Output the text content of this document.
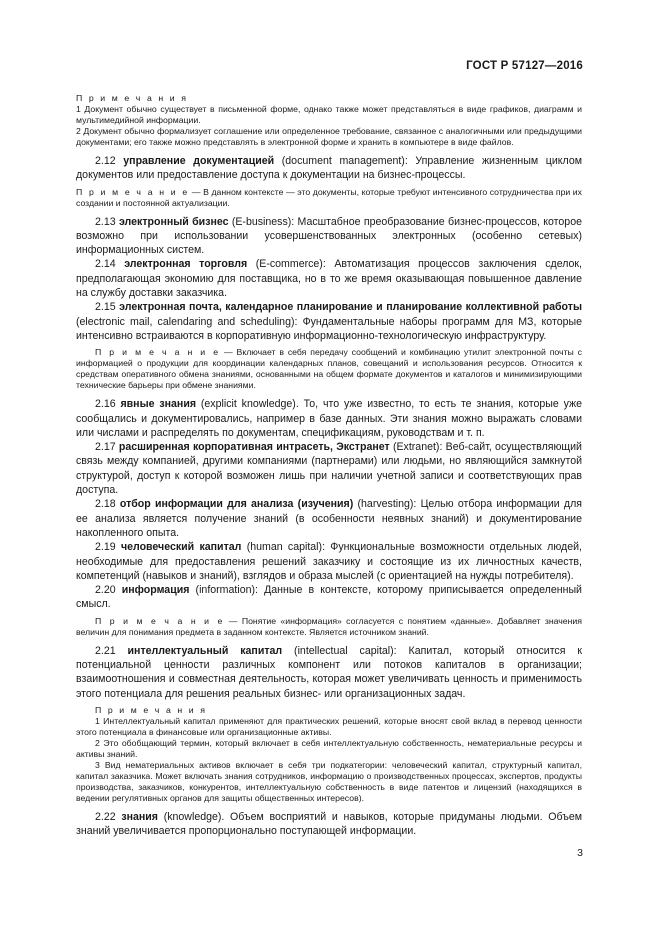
ГОСТ Р 57127—2016

П р и м е ч а н и я

1 Документ обычно существует в письменной форме, однако также может представляться в виде графиков, диаграмм и мультимедийной информации.

2 Документ обычно формализует соглашение или определенное требование, связанное с аналогичными или предыдущими документами; его также можно представлять в электронной форме и хранить в компьютере в виде файлов.

2.12 управление документацией (document management): Управление жизненным циклом документов или предоставление доступа к документации на бизнес-процессы.

П р и м е ч а н и е — В данном контексте — это документы, которые требуют интенсивного сотрудничества при их создании и постоянной актуализации.

2.13 электронный бизнес (E-business): Масштабное преобразование бизнес-процессов, которое возможно при использовании усовершенствованных электронных (особенно сетевых) информационных систем.

2.14 электронная торговля (E-commerce): Автоматизация процессов заключения сделок, предполагающая экономию для поставщика, но в то же время оказывающая повышенное давление на службу доставки заказчика.

2.15 электронная почта, календарное планирование и планирование коллективной работы (electronic mail, calendaring and scheduling): Фундаментальные наборы программ для МЗ, которые интенсивно встраиваются в корпоративную информационно-технологическую инфраструктуру.

П р и м е ч а н и е — Включает в себя передачу сообщений и комбинацию утилит электронной почты с информацией о продукции для координации календарных планов, совещаний и использования ресурсов. Относится к средствам оперативного обмена знаниями, основанными на общем формате документов и каталогов и минимизирующими технические барьеры при обмене знаниями.

2.16 явные знания (explicit knowledge). То, что уже известно, то есть те знания, которые уже сообщались и документировались, например в базе данных. Эти знания можно выражать словами или числами и распределять по документам, спецификациям, руководствам и т. п.

2.17 расширенная корпоративная интрасеть, Экстранет (Extranet): Веб-сайт, осуществляющий связь между компанией, другими компаниями (партнерами) или людьми, но являющийся замкнутой структурой, доступ к которой возможен лишь при наличии учетной записи и соответствующих прав доступа.

2.18 отбор информации для анализа (изучения) (harvesting): Целью отбора информации для ее анализа является получение знаний (в особенности неявных знаний) и документирование накопленного опыта.

2.19 человеческий капитал (human capital): Функциональные возможности отдельных людей, необходимые для предоставления решений заказчику и состоящие из их личностных качеств, компетенций (навыков и знаний), взглядов и образа мыслей (с ориентацией на нужды потребителя).

2.20 информация (information): Данные в контексте, которому приписывается определенный смысл.

П р и м е ч а н и е — Понятие «информация» согласуется с понятием «данные». Добавляет значения величин для понимания предмета в заданном контексте. Является источником знаний.

2.21 интеллектуальный капитал (intellectual capital): Капитал, который относится к потенциальной ценности различных компонент или потоков капиталов в организации; взаимоотношения и совместная деятельность, которая может увеличивать ценность и применимость этого потенциала для решения реальных бизнес- или организационных задач.

П р и м е ч а н и я

1 Интеллектуальный капитал применяют для практических решений, которые вносят свой вклад в перевод ценности этого потенциала в финансовые или организационные активы.

2 Это обобщающий термин, который включает в себя интеллектуальную собственность, нематериальные ресурсы и активы знаний.

3 Вид нематериальных активов включает в себя три подкатегории: человеческий капитал, структурный капитал, капитал заказчика. Может включать знания сотрудников, информацию о производственных процессах, экспертов, продукты производства, заказчиков, конкурентов, интеллектуальную собственность в виде патентов и лицензий (находящихся в ведении регулятивных органов для защиты общественных интересов).

2.22 знания (knowledge). Объем восприятий и навыков, которые придуманы людьми. Объем знаний увеличивается пропорционально поступающей информации.

3
